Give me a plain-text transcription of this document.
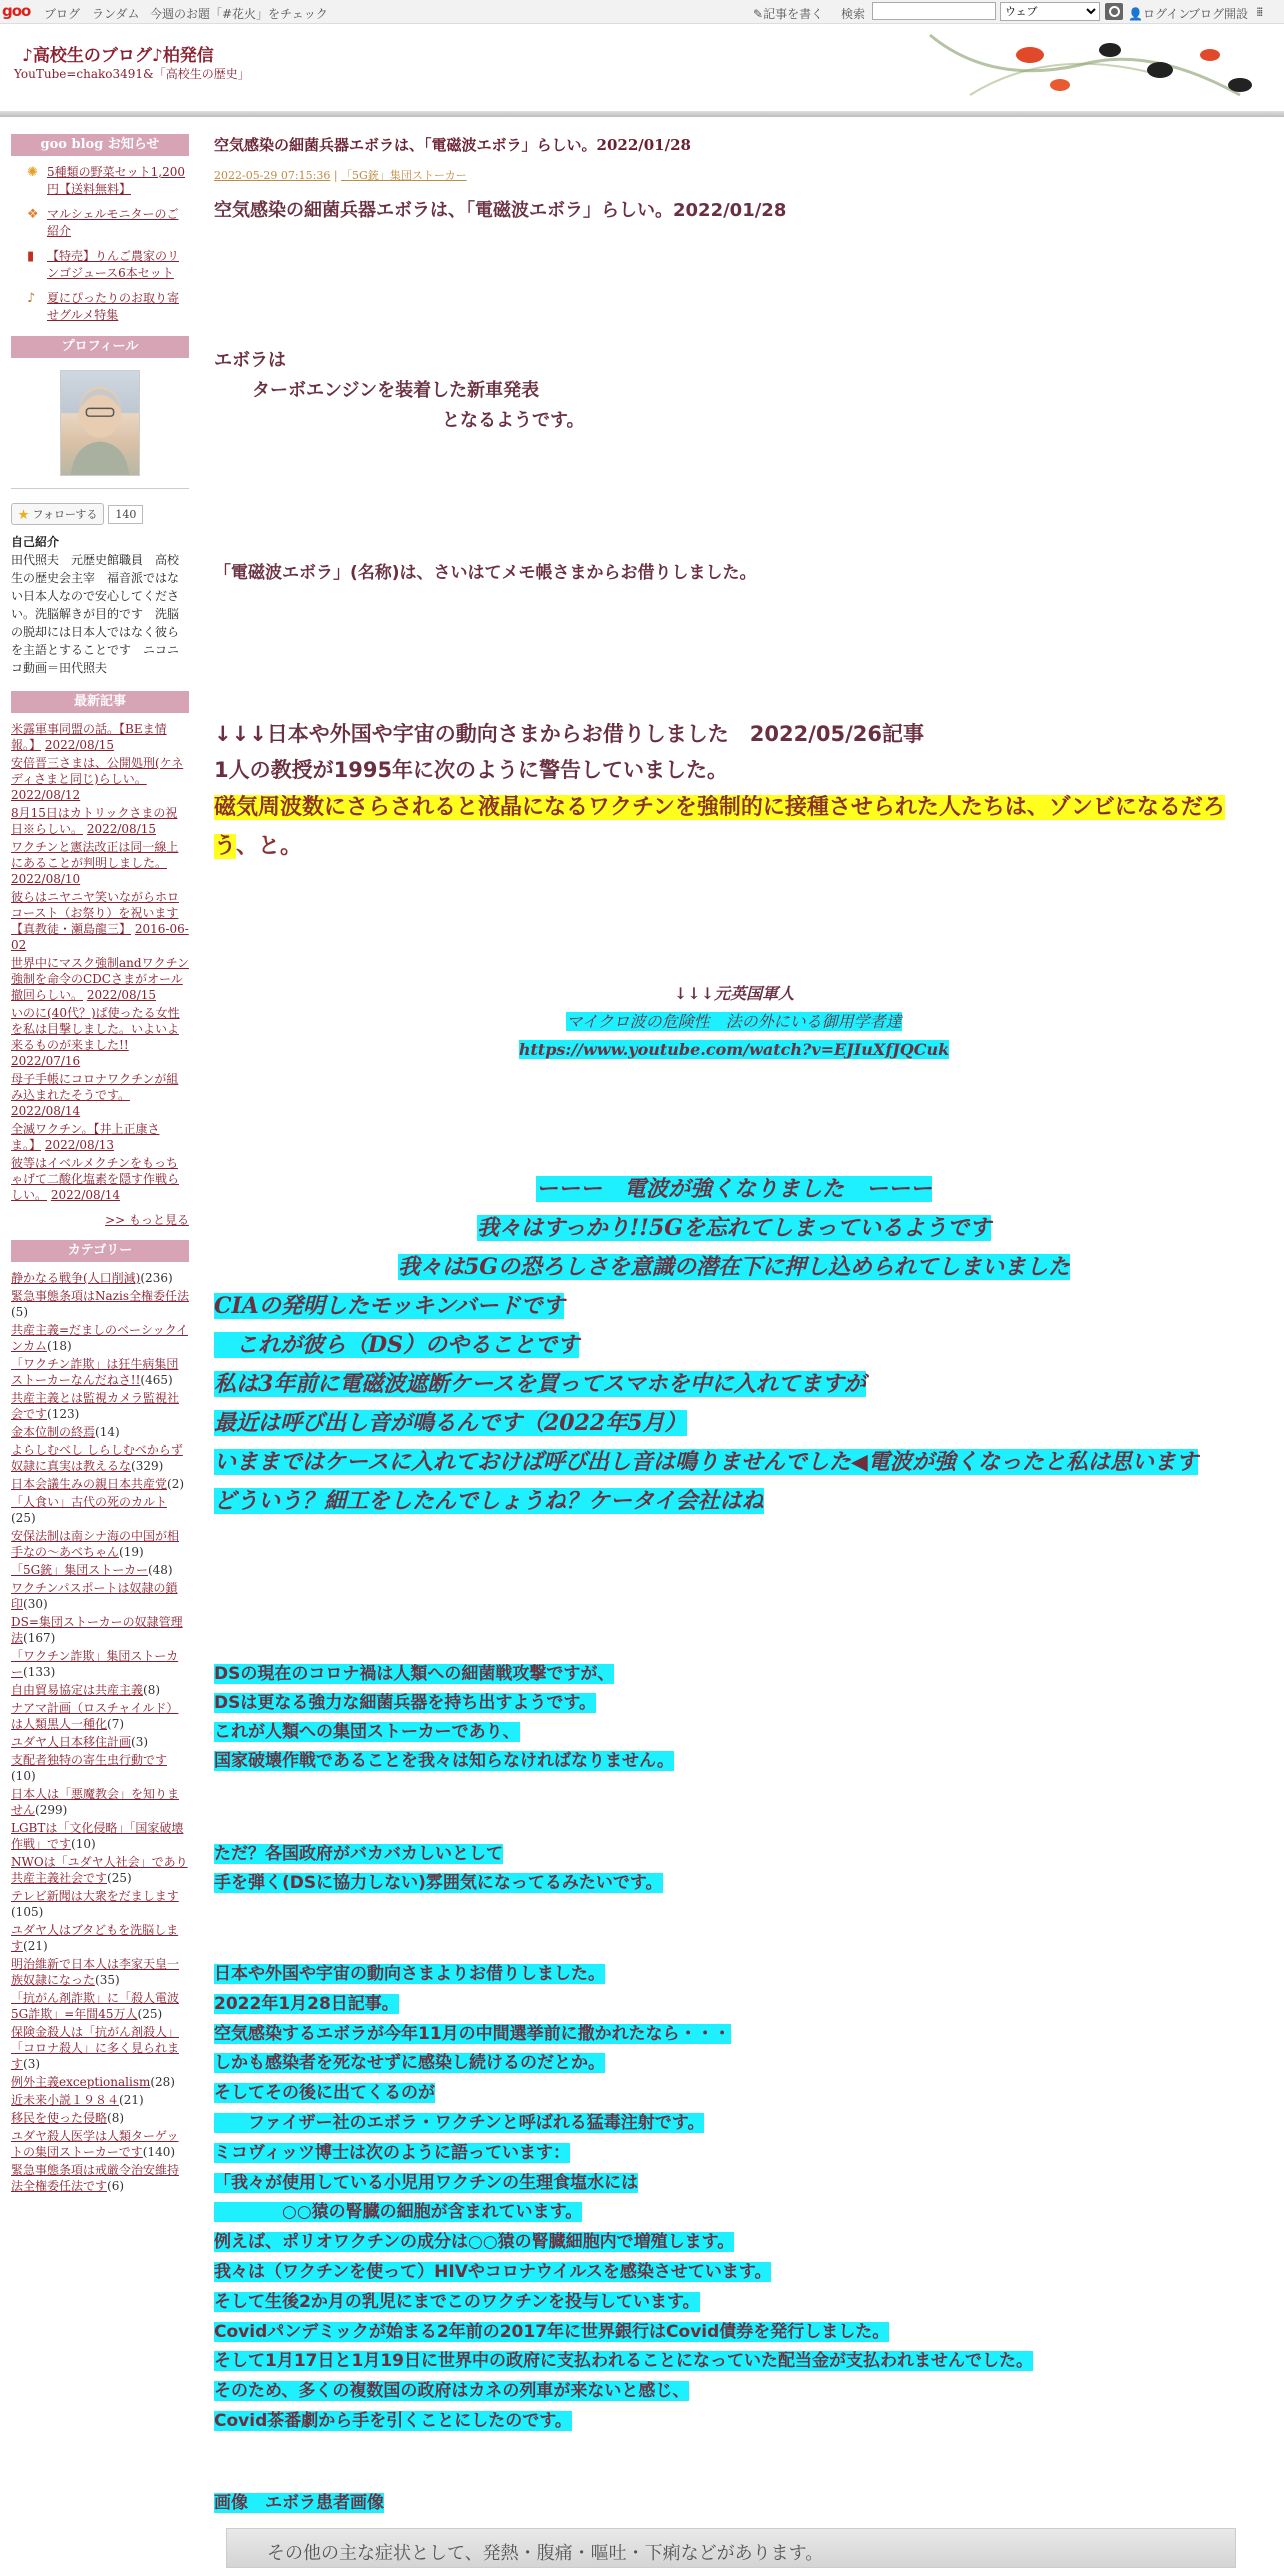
goo ブログ ランダム 今週のお題「#花火」をチェック	✎記事を書く 検索
ウェブ	👤ログイン
ブログ開設 ⁞⁞⁞
♪高校生のブログ♪柏発信
YouTube=chako3491&「高校生の歴史」
goo blog お知らせ
✺ 5種類の野菜セット1,200円【送料無料】
❖ マルシェルモニターのご紹介
▮ 【特売】りんご農家のリンゴジュース6本セット
♪ 夏にぴったりのお取り寄せグルメ特集
プロフィール
★ フォローする	140
自己紹介
田代照夫　元歴史館職員　高校生の歴史会主宰　福音派ではない日本人なので安心してください。洗脳解きが目的です　洗脳の脱却には日本人ではなく彼らを主語とすることです　ニコニコ動画＝田代照夫
最新記事
米露軍事同盟の話。【BEま情報。】 2022/08/15
安倍晋三さまは、公開処刑(ケネディさまと同じ)らしい。 2022/08/12
8月15日はカトリックさまの祝日※らしい。 2022/08/15
ワクチンと憲法改正は同一線上にあることが判明しました。 2022/08/10
彼らはニヤニヤ笑いながらホロコースト（お祭り）を祝います【真教徒・瀬島龍三】 2016-06-02
世界中にマスク強制andワクチン強制を命令のCDCさまがオール撤回らしい。 2022/08/15
いのに(40代？)ぱ使ったる女性を私は目撃しました。いよいよ来るものが来ました!! 2022/07/16
母子手帳にコロナワクチンが組み込まれたそうです。 2022/08/14
全滅ワクチン。【井上正康さま。】 2022/08/13
彼等はイベルメクチンをもっちゃげて二酸化塩素を隠す作戦らしい。 2022/08/14
>> もっと見る
カテゴリー
静かなる戦争(人口削減)(236)
緊急事態条項はNazis全権委任法(5)
共産主義=だましのベーシックインカム(18)
「ワクチン詐欺」は狂牛病集団ストーカーなんだねさ!!(465)
共産主義とは監視カメラ監視社会です(123)
金本位制の終焉(14)
よらしむべし しらしむべからず奴隷に真実は教えるな(329)
日本会議生みの親日本共産党(2)
「人食い」古代の死のカルト(25)
安保法制は南シナ海の中国が相手なの～あべちゃん(19)
「5G銃」集団ストーカー(48)
ワクチンパスポートは奴隷の鎖印(30)
DS=集団ストーカーの奴隷管理法(167)
「ワクチン詐欺」集団ストーカー(133)
自由貿易協定は共産主義(8)
ナアマ計画（ロスチャイルド）は人類黒人一種化(7)
ユダヤ人日本移住計画(3)
支配者独特の寄生虫行動です(10)
日本人は「悪魔教会」を知りません(299)
LGBTは「文化侵略」「国家破壊作戦」です(10)
NWOは「ユダヤ人社会」であり共産主義社会です(25)
テレビ新聞は大衆をだまします(105)
ユダヤ人はブタどもを洗脳します(21)
明治維新で日本人は李家天皇一族奴隷になった(35)
「抗がん剤詐欺」に「殺人電波5G詐欺」=年間45万人(25)
保険金殺人は「抗がん剤殺人」「コロナ殺人」に多く見られます(3)
例外主義exceptionalism(28)
近未来小説１９８４(21)
移民を使った侵略(8)
ユダヤ殺人医学は人類ターゲットの集団ストーカーです(140)
緊急事態条項は戒厳令治安維持法全権委任法です(6)
空気感染の細菌兵器エボラは、「電磁波エボラ」らしい。2022/01/28
2022-05-29 07:15:36 | 「5G銃」集団ストーカー
空気感染の細菌兵器エボラは、「電磁波エボラ」らしい。2022/01/28
エボラは
ターボエンジンを装着した新車発表
となるようです。
「電磁波エボラ」(名称)は、さいはてメモ帳さまからお借りしました。
↓↓↓日本や外国や宇宙の動向さまからお借りしました　2022/05/26記事
1人の教授が1995年に次のように警告していました。
磁気周波数にさらされると液晶になるワクチンを強制的に接種させられた人たちは、ゾンビになるだろう、と。
↓↓↓元英国軍人
マイクロ波の危険性　法の外にいる御用学者達
https://www.youtube.com/watch?v=EJIuXfJQCuk
ーーー　電波が強くなりました　ーーー
我々はすっかり!!5Gを忘れてしまっているようです
我々は5Gの恐ろしさを意識の潜在下に押し込められてしまいました
CIAの発明したモッキンバードです
　これが彼ら（DS）のやることです
私は3年前に電磁波遮断ケースを買ってスマホを中に入れてますが
最近は呼び出し音が鳴るんです（2022年5月）
いままではケースに入れておけば呼び出し音は鳴りませんでした◀電波が強くなったと私は思います
どういう？細工をしたんでしょうね？ケータイ会社はね
DSの現在のコロナ禍は人類への細菌戦攻撃ですが、
DSは更なる強力な細菌兵器を持ち出すようです。
これが人類への集団ストーカーであり、
国家破壊作戦であることを我々は知らなければなりません。
ただ？各国政府がバカバカしいとして
手を弾く(DSに協力しない)雰囲気になってるみたいです。
日本や外国や宇宙の動向さまよりお借りしました。
2022年1月28日記事。
空気感染するエボラが今年11月の中間選挙前に撒かれたなら・・・
しかも感染者を死なせずに感染し続けるのだとか。
そしてその後に出てくるのが
　　ファイザー社のエボラ・ワクチンと呼ばれる猛毒注射です。
ミコヴィッツ博士は次のように語っています：
「我々が使用している小児用ワクチンの生理食塩水には
　　　　○○猿の腎臓の細胞が含まれています。
例えば、ポリオワクチンの成分は○○猿の腎臓細胞内で増殖します。
我々は（ワクチンを使って）HIVやコロナウイルスを感染させています。
そして生後2か月の乳児にまでこのワクチンを投与しています。
Covidパンデミックが始まる2年前の2017年に世界銀行はCovid債券を発行しました。
そして1月17日と1月19日に世界中の政府に支払われることになっていた配当金が支払われませんでした。
そのため、多くの複数国の政府はカネの列車が来ないと感じ、
Covid茶番劇から手を引くことにしたのです。
画像　エボラ患者画像
その他の主な症状として、発熱・腹痛・嘔吐・下痢などがあります。
